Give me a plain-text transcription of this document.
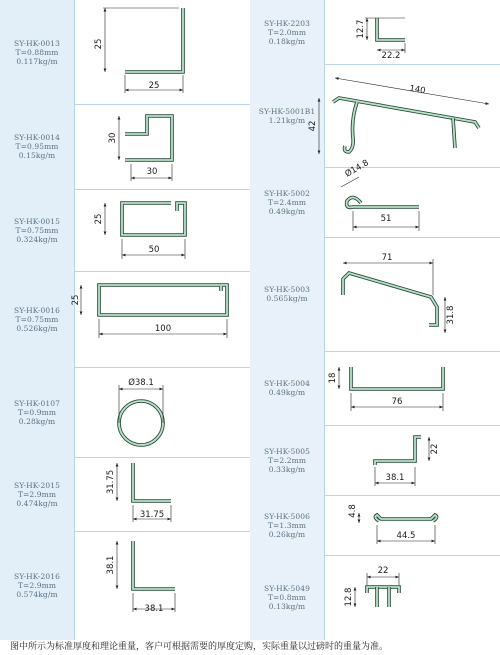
SY-HK-0013
T=0.88mm
0.117kg/m
25
25
SY-HK-0014
T=0.95mm
0.15kg/m
30
30
SY-HK-0015
T=0.75mm
0.324kg/m
25
50
SY-HK-0016
T=0.75mm
0.526kg/m
25
100
SY-HK-0107
T=0.9mm
0.28kg/m
Ø38.1
SY-HK-2015
T=2.9mm
0.474kg/m
31.75
31.75
SY-HK-2016
T=2.9mm
0.574kg/m
38.1
38.1
SY-HK-2203
T=2.0mm
0.18kg/m
12.7
22.2
SY-HK-5001B1
1.21kg/m
140
42
SY-HK-5002
T=2.4mm
0.49kg/m
Ø14.8
51
SY-HK-5003
0.565kg/m
71
31.8
SY-HK-5004
0.49kg/m
18
76
SY-HK-5005
T=2.2mm
0.33kg/m
22
38.1
SY-HK-5006
T=1.3mm
0.26kg/m
4.8
44.5
SY-HK-5049
T=0.8mm
0.13kg/m
22
12.8
图中所示为标准厚度和理论重量，客户可根据需要的厚度定购，实际重量以过磅时的重量为准。
